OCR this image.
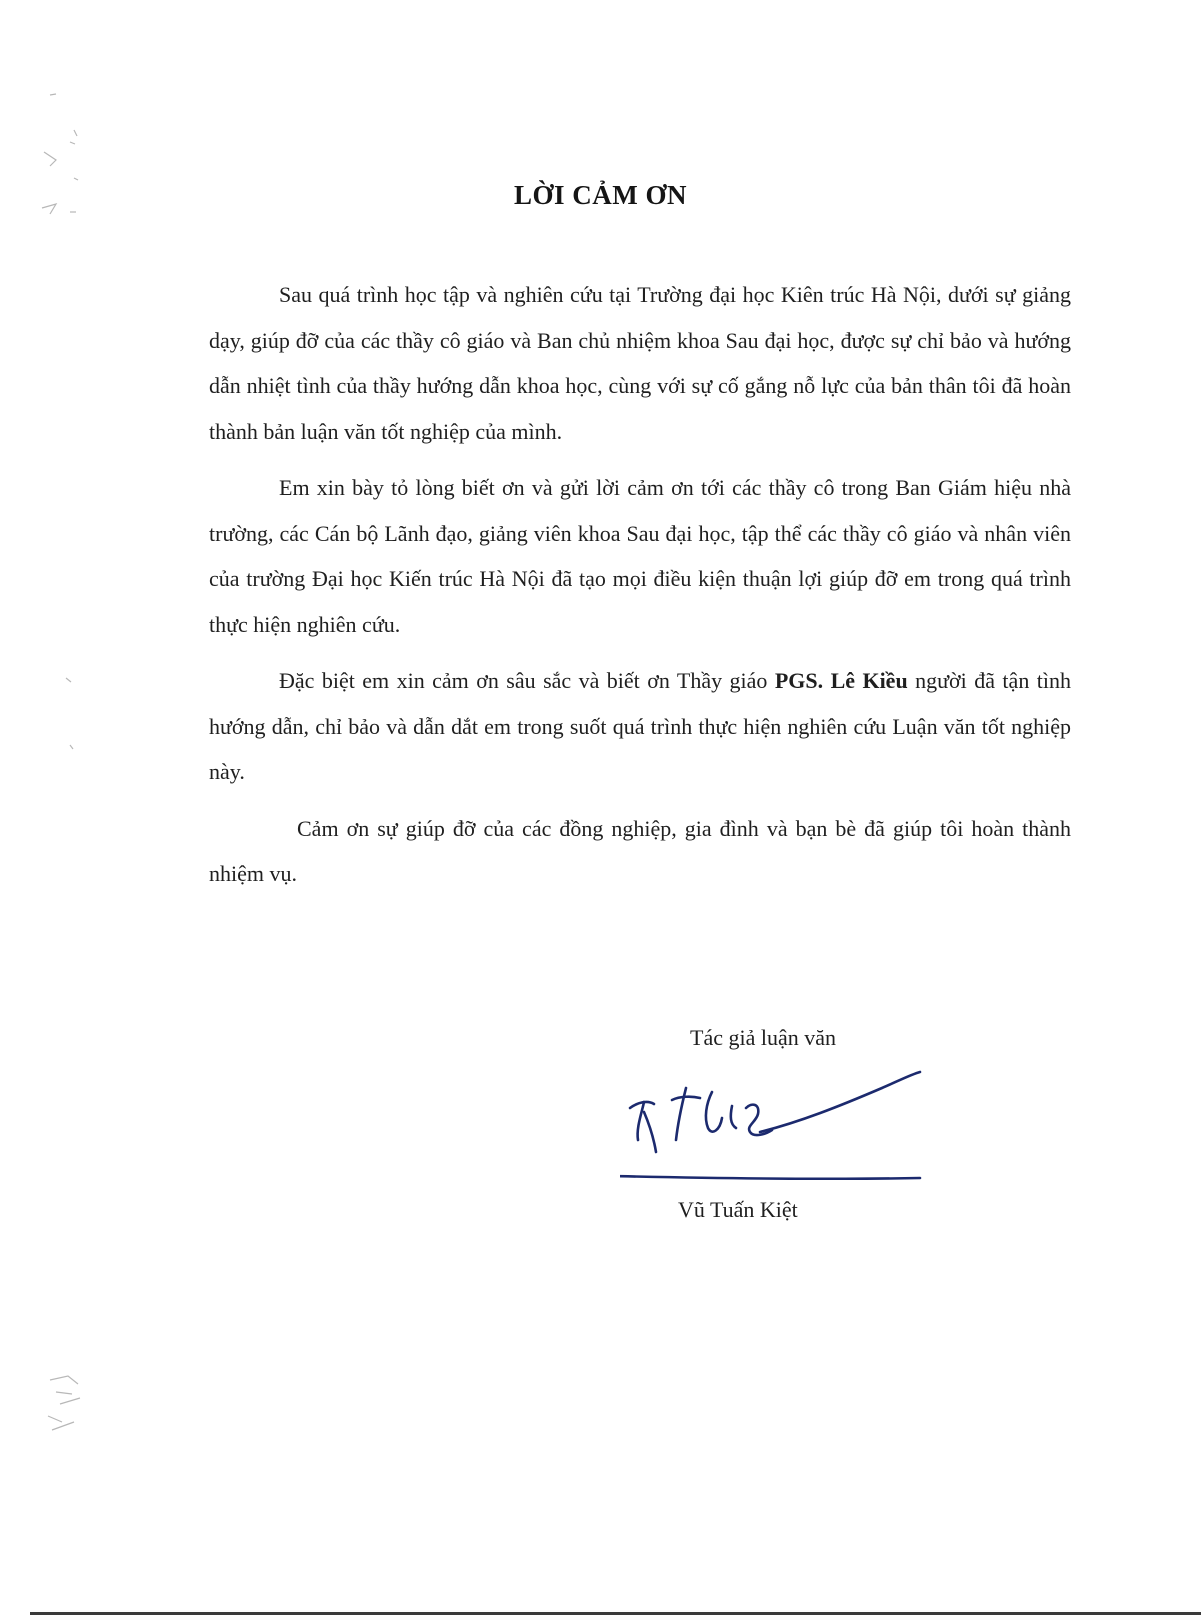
LỜI CẢM ƠN

Sau quá trình học tập và nghiên cứu tại Trường đại học Kiên trúc Hà Nội, dưới sự giảng dạy, giúp đỡ của các thầy cô giáo và Ban chủ nhiệm khoa Sau đại học, được sự chỉ bảo và hướng dẫn nhiệt tình của thầy hướng dẫn khoa học, cùng với sự cố gắng nỗ lực của bản thân tôi đã hoàn thành bản luận văn tốt nghiệp của mình.

Em xin bày tỏ lòng biết ơn và gửi lời cảm ơn tới các thầy cô trong Ban Giám hiệu nhà trường, các Cán bộ Lãnh đạo, giảng viên khoa Sau đại học, tập thể các thầy cô giáo và nhân viên của trường Đại học Kiến trúc Hà Nội đã tạo mọi điều kiện thuận lợi giúp đỡ em trong quá trình thực hiện nghiên cứu.

Đặc biệt em xin cảm ơn sâu sắc và biết ơn Thầy giáo PGS. Lê Kiều người đã tận tình hướng dẫn, chỉ bảo và dẫn dắt em trong suốt quá trình thực hiện nghiên cứu Luận văn tốt nghiệp này.

Cảm ơn sự giúp đỡ của các đồng nghiệp, gia đình và bạn bè đã giúp tôi hoàn thành nhiệm vụ.

Tác giả luận văn
Vũ Tuấn Kiệt
